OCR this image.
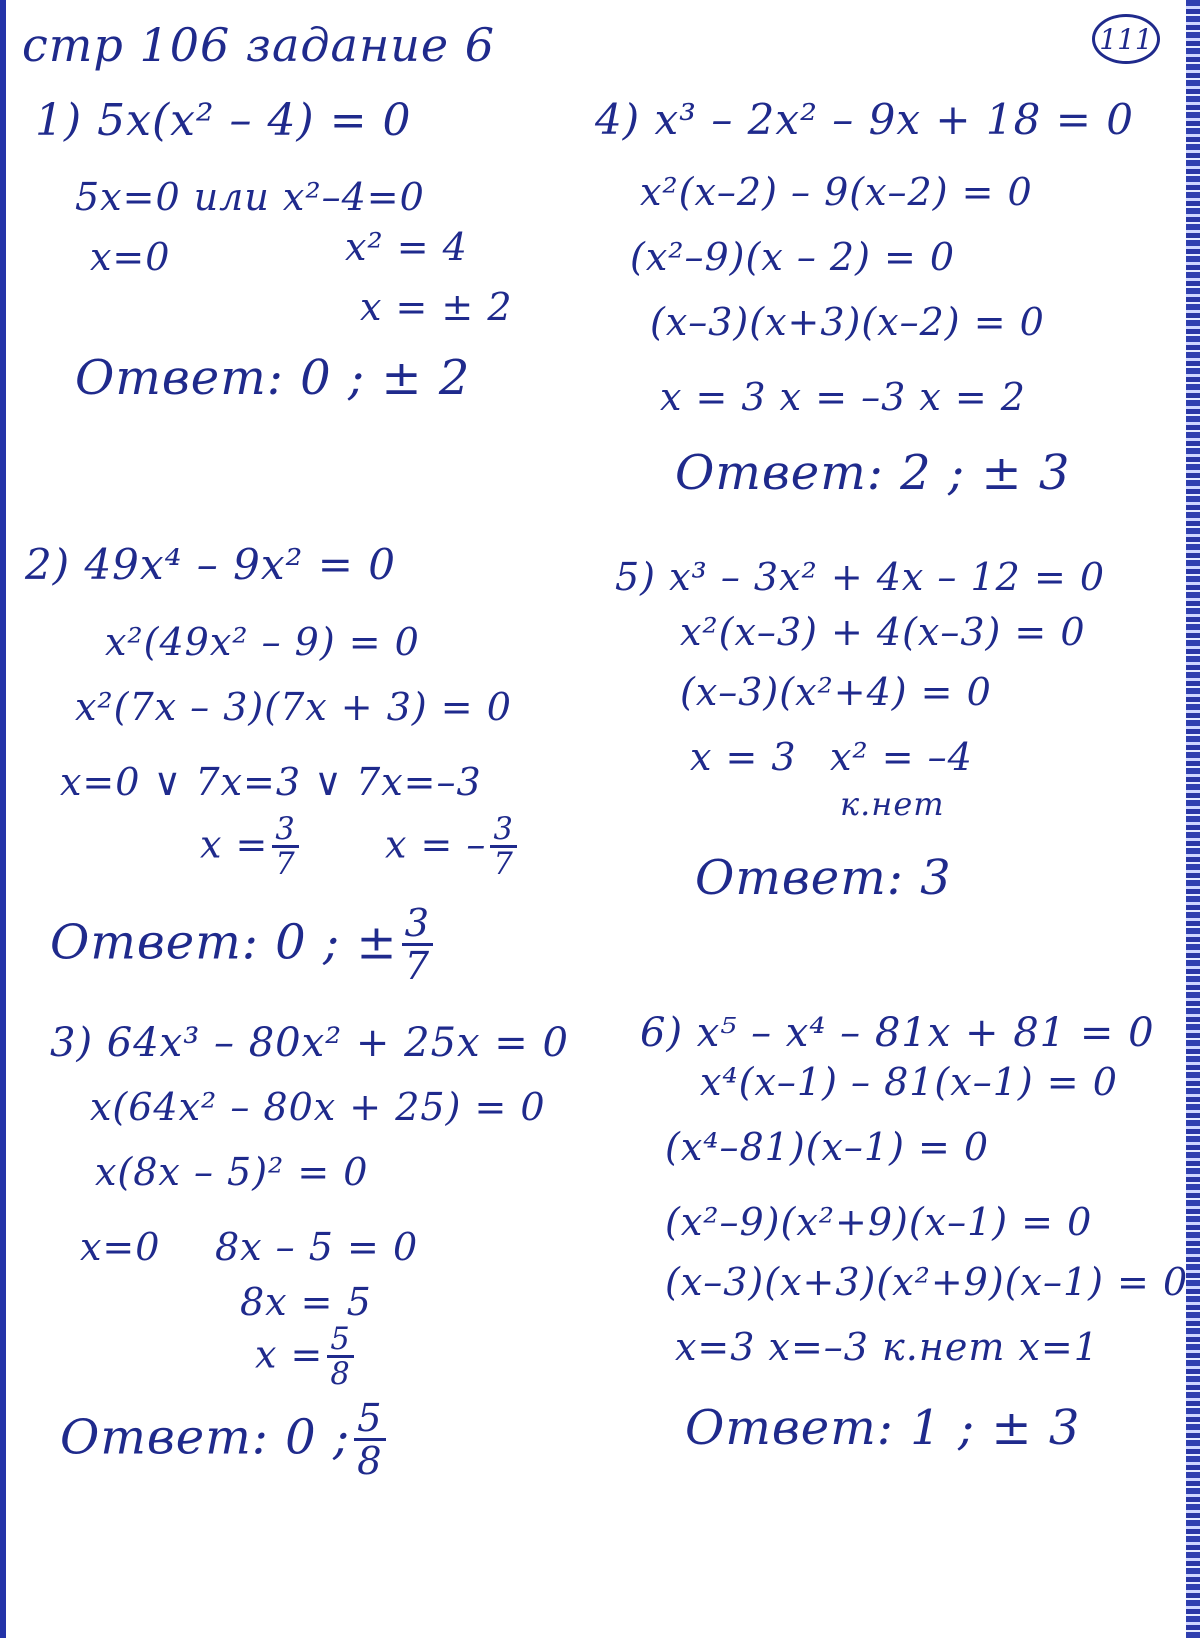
стр 106 задание 6	111
1) 5x(x² – 4) = 0
5x=0 или x²–4=0
x=0	x² = 4
x = ± 2
Ответ: 0 ; ± 2
2) 49x⁴ – 9x² = 0
x²(49x² – 9) = 0
x²(7x – 3)(7x + 3) = 0
x=0 ∨ 7x=3 ∨ 7x=–3
$x = \frac{3}{7}$ x = – $\frac{3}{7}$
Ответ: 0 ; ± $\frac{3}{7}$
3) 64x³ – 80x² + 25x = 0
x(64x² – 80x + 25) = 0
x(8x – 5)² = 0
x=0 8x – 5 = 0
8x = 5
$x = \frac{5}{8}$
Ответ: 0 ; $\frac{5}{8}$
4) x³ – 2x² – 9x + 18 = 0
x²(x–2) – 9(x–2) = 0
(x²–9)(x – 2) = 0
(x–3)(x+3)(x–2) = 0
x = 3 x = –3 x = 2
Ответ: 2 ; ± 3
5) x³ – 3x² + 4x – 12 = 0
x²(x–3) + 4(x–3) = 0
(x–3)(x²+4) = 0
x = 3 x² = –4
к.нет
Ответ: 3
6) x⁵ – x⁴ – 81x + 81 = 0
x⁴(x–1) – 81(x–1) = 0
(x⁴–81)(x–1) = 0
(x²–9)(x²+9)(x–1) = 0
(x–3)(x+3)(x²+9)(x–1) = 0
x=3 x=–3 к.нет x=1
Ответ: 1 ; ± 3
